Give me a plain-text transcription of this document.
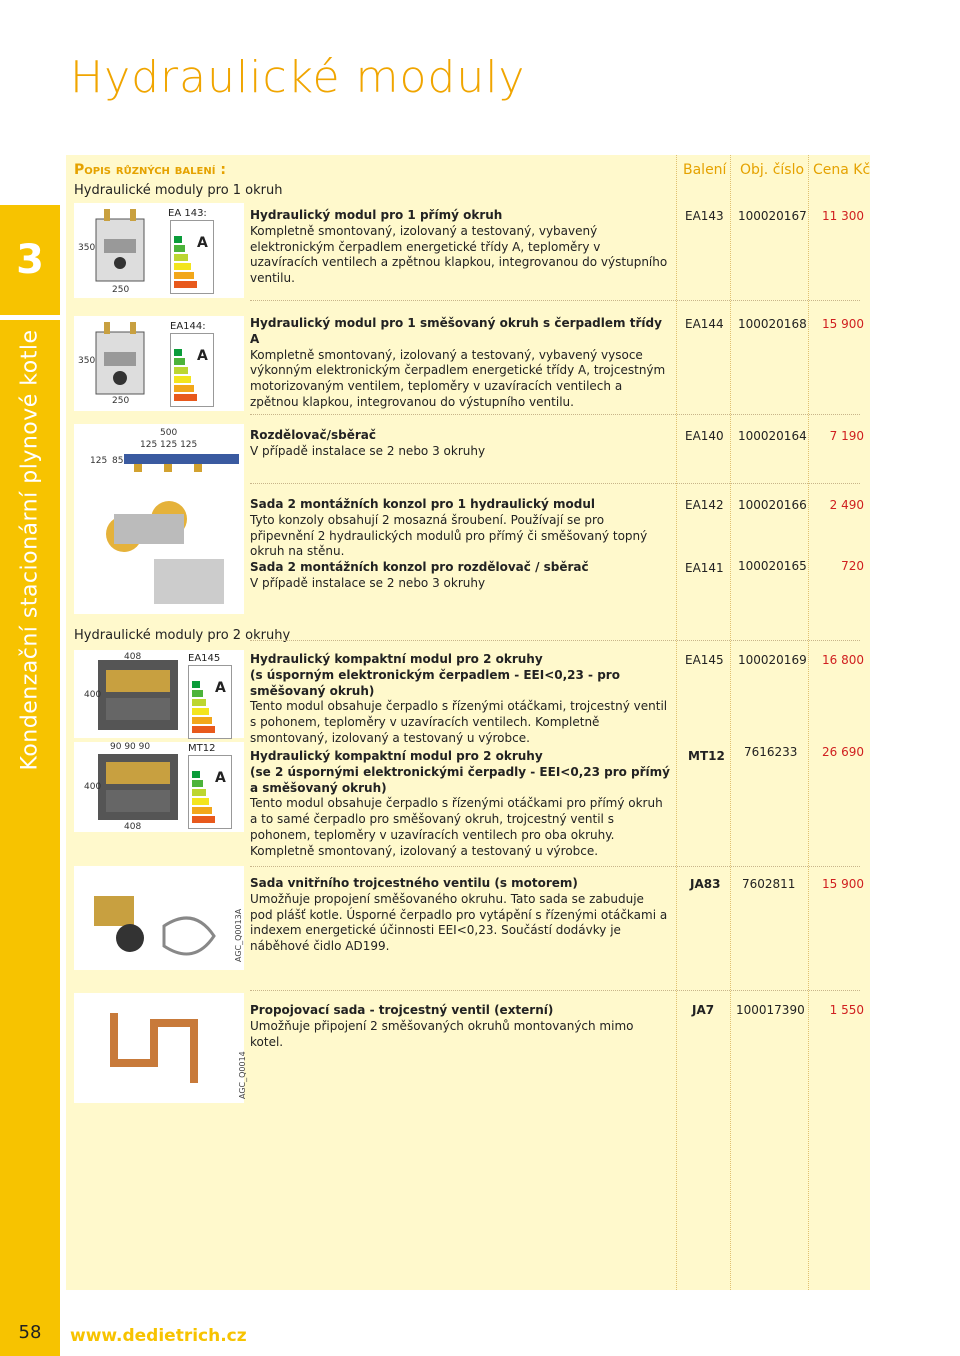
Hydraulické moduly
3
Kondenzační stacionární plynové kotle
58	www.dedietrich.cz
Popis různých balení :	Balení Obj. číslo Cena Kč
Hydraulické moduly pro 1 okruh
Hydraulické moduly pro 2 okruhy
350
250
EA 143:
A
350
250
EA144:
A
500
125 125 125
125 85
408
400
EA145
A
90 90 90
400
408
MT12
A
AGC_Q0013A
AGC_Q0014
Hydraulický modul pro 1 přímý okruh
Kompletně smontovaný, izolovaný a testovaný, vybavený elektronickým čerpadlem energetické třídy A, teploměry v uzavíracích ventilech a zpětnou klapkou, integrovanou do výstupního ventilu.
EA143 100020167	11 300
Hydraulický modul pro 1 směšovaný okruh s čerpadlem třídy A
Kompletně smontovaný, izolovaný a testovaný, vybavený vysoce výkonným elektronickým čerpadlem energetické třídy A, trojcestným motorizovaným ventilem, teploměry v uzavíracích ventilech a zpětnou klapkou, integrovanou do výstupního ventilu.
EA144 100020168	15 900
Rozdělovač/sběrač
V případě instalace se 2 nebo 3 okruhy
EA140 100020164	7 190
Sada 2 montážních konzol pro 1 hydraulický modul
Tyto konzoly obsahují 2 mosazná šroubení. Používají se pro připevnění 2 hydraulických modulů pro přímý či směšovaný topný okruh na stěnu.
EA142 100020166	2 490
Sada 2 montážních konzol pro rozdělovač / sběrač
V případě instalace se 2 nebo 3 okruhy
EA141 100020165	720
Hydraulický kompaktní modul pro 2 okruhy
(s úsporným elektronickým čerpadlem - EEI<0,23 - pro směšovaný okruh)
Tento modul obsahuje čerpadlo s řízenými otáčkami, trojcestný ventil s pohonem, teploměry v uzavíracích ventilech. Kompletně smontovaný, izolovaný a testovaný u výrobce.
EA145 100020169	16 800
Hydraulický kompaktní modul pro 2 okruhy
(se 2 úspornými elektronickými čerpadly - EEI<0,23 pro přímý a směšovaný okruh)
Tento modul obsahuje čerpadlo s řízenými otáčkami pro přímý okruh a to samé čerpadlo pro směšovaný okruh, trojcestný ventil s pohonem, teploměry v uzavíracích ventilech pro oba okruhy. Kompletně smontovaný, izolovaný a testovaný u výrobce.
MT12 7616233	26 690
Sada vnitřního trojcestného ventilu (s motorem)
Umožňuje propojení směšovaného okruhu. Tato sada se zabuduje pod plášť kotle. Úsporné čerpadlo pro vytápění s řízenými otáčkami a indexem energetické účinnosti EEI<0,23. Součástí dodávky je náběhové čidlo AD199.
JA83 7602811	15 900
Propojovací sada - trojcestný ventil (externí)
Umožňuje připojení 2 směšovaných okruhů montovaných mimo kotel.
JA7 100017390	1 550
